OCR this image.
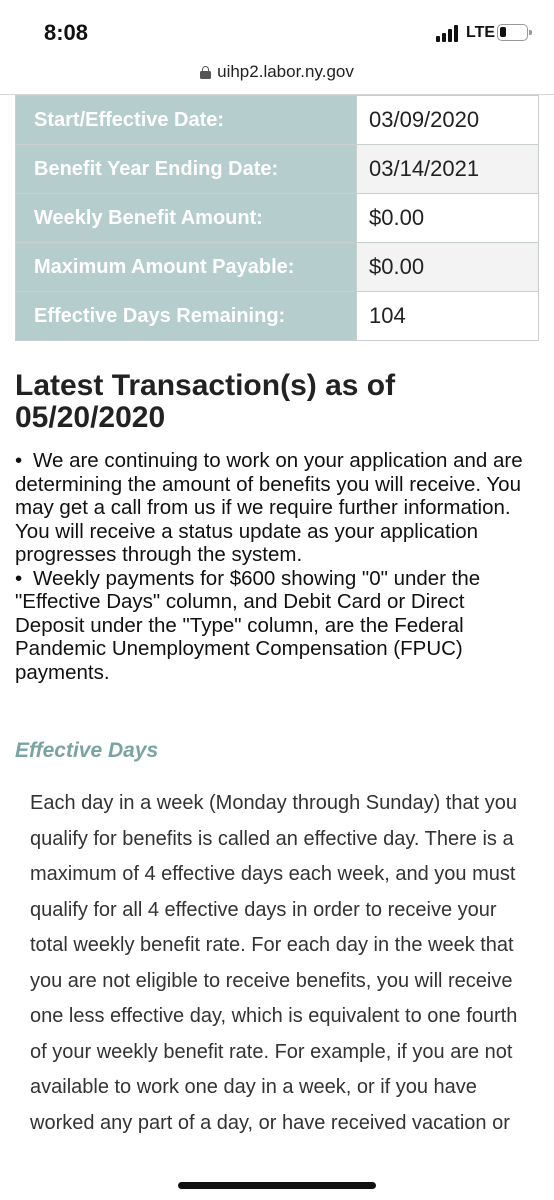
8:08	LTE
uihp2.labor.ny.gov
Start/Effective Date:	03/09/2020
Benefit Year Ending Date:	03/14/2021
Weekly Benefit Amount:	$0.00
Maximum Amount Payable:	$0.00
Effective Days Remaining:	104
Latest Transaction(s) as of 05/20/2020
• We are continuing to work on your application and are determining the amount of benefits you will receive. You may get a call from us if we require further information. You will receive a status update as your application progresses through the system.
• Weekly payments for $600 showing "0" under the "Effective Days" column, and Debit Card or Direct Deposit under the "Type" column, are the Federal Pandemic Unemployment Compensation (FPUC) payments.
Effective Days

Each day in a week (Monday through Sunday) that you qualify for benefits is called an effective day. There is a maximum of 4 effective days each week, and you must qualify for all 4 effective days in order to receive your total weekly benefit rate. For each day in the week that you are not eligible to receive benefits, you will receive one less effective day, which is equivalent to one fourth of your weekly benefit rate. For example, if you are not available to work one day in a week, or if you have worked any part of a day, or have received vacation or
